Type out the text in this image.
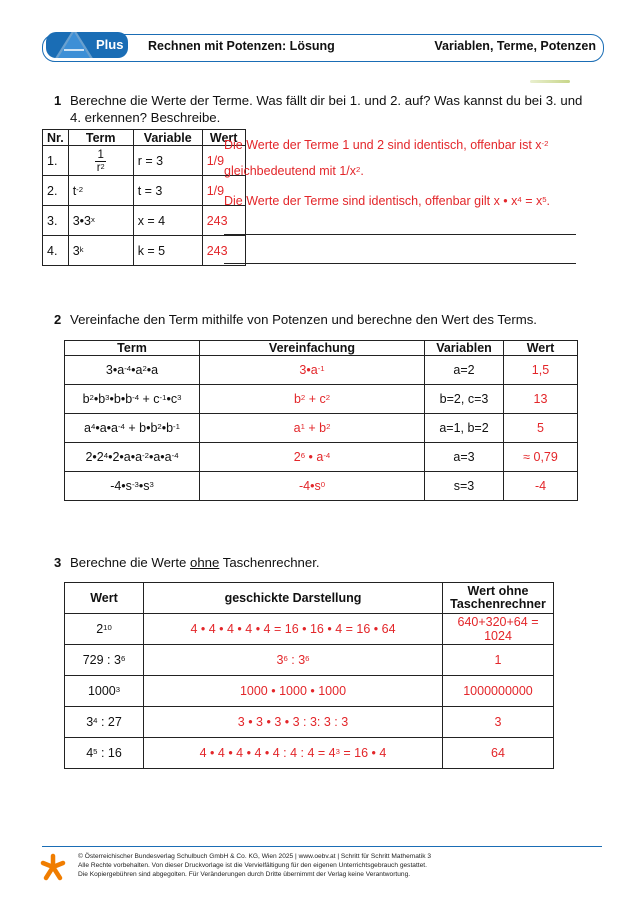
Plus Rechnen mit Potenzen: Lösung	Variablen, Terme, Potenzen
1 Berechne die Werte der Terme. Was fällt dir bei 1. und 2. auf? Was kannst du bei 3. und 4. erkennen? Beschreibe.
Nr.	Term	Variable	Wert
1.	$\frac{1}{r^2}$	r = 3	1/9
2.	$t^{-2}$	t = 3	1/9
3.	3•3$^x$	x = 4	243
4.	3$^k$	k = 5	243
Die Werte der Terme 1 und 2 sind identisch, offenbar ist $x^{-2}$
gleichbedeutend mit $1/x^2$.
Die Werte der Terme sind identisch, offenbar gilt x • $x^4 = x^5$.
2 Vereinfache den Term mithilfe von Potenzen und berechne den Wert des Terms.
Term	Vereinfachung	Variablen	Wert
$3•a^{-4}•a^2•a$	$3•a^{-1}$	a=2	1,5
$b^2•b^3•b•b^{-4}$ + $c^{-1}•c^3$	$b^2 + c^2$	b=2, c=3	13
$a^4•a•a^{-4}$ + $b•b^2•b^{-1}$	$a^1 + b^2$	a=1, b=2	5
$2•2^4•2•a•a^{-2}•a•a^{-4}$	$2^6$ • $a^{-4}$	a=3	≈ 0,79
$-4•s^{-3}•s^3$	$-4•s^0$	s=3	-4
3 Berechne die Werte ohne Taschenrechner.
Wert	geschickte Darstellung	Wert ohne Taschenrechner
$2^{10}$	4 • 4 • 4 • 4 • 4 = 16 • 16 • 4 = 16 • 64	640+320+64 = 1024
729 : $3^6$	$3^6$ : $3^6$	1
1000$^3$	1000 • 1000 • 1000	1000000000
$3^4$ : 27	3 • 3 • 3 • 3 : 3: 3 : 3	3
$4^5$ : 16	4 • 4 • 4 • 4 • 4 : 4 : $4 = 4^3 = 16$ • 4	64
© Österreichischer Bundesverlag Schulbuch GmbH & Co. KG, Wien 2025 | www.oebv.at | Schritt für Schritt Mathematik 3
Alle Rechte vorbehalten. Von dieser Druckvorlage ist die Vervielfältigung für den eigenen Unterrichtsgebrauch gestattet.
Die Kopiergebühren sind abgegolten. Für Veränderungen durch Dritte übernimmt der Verlag keine Verantwortung.
